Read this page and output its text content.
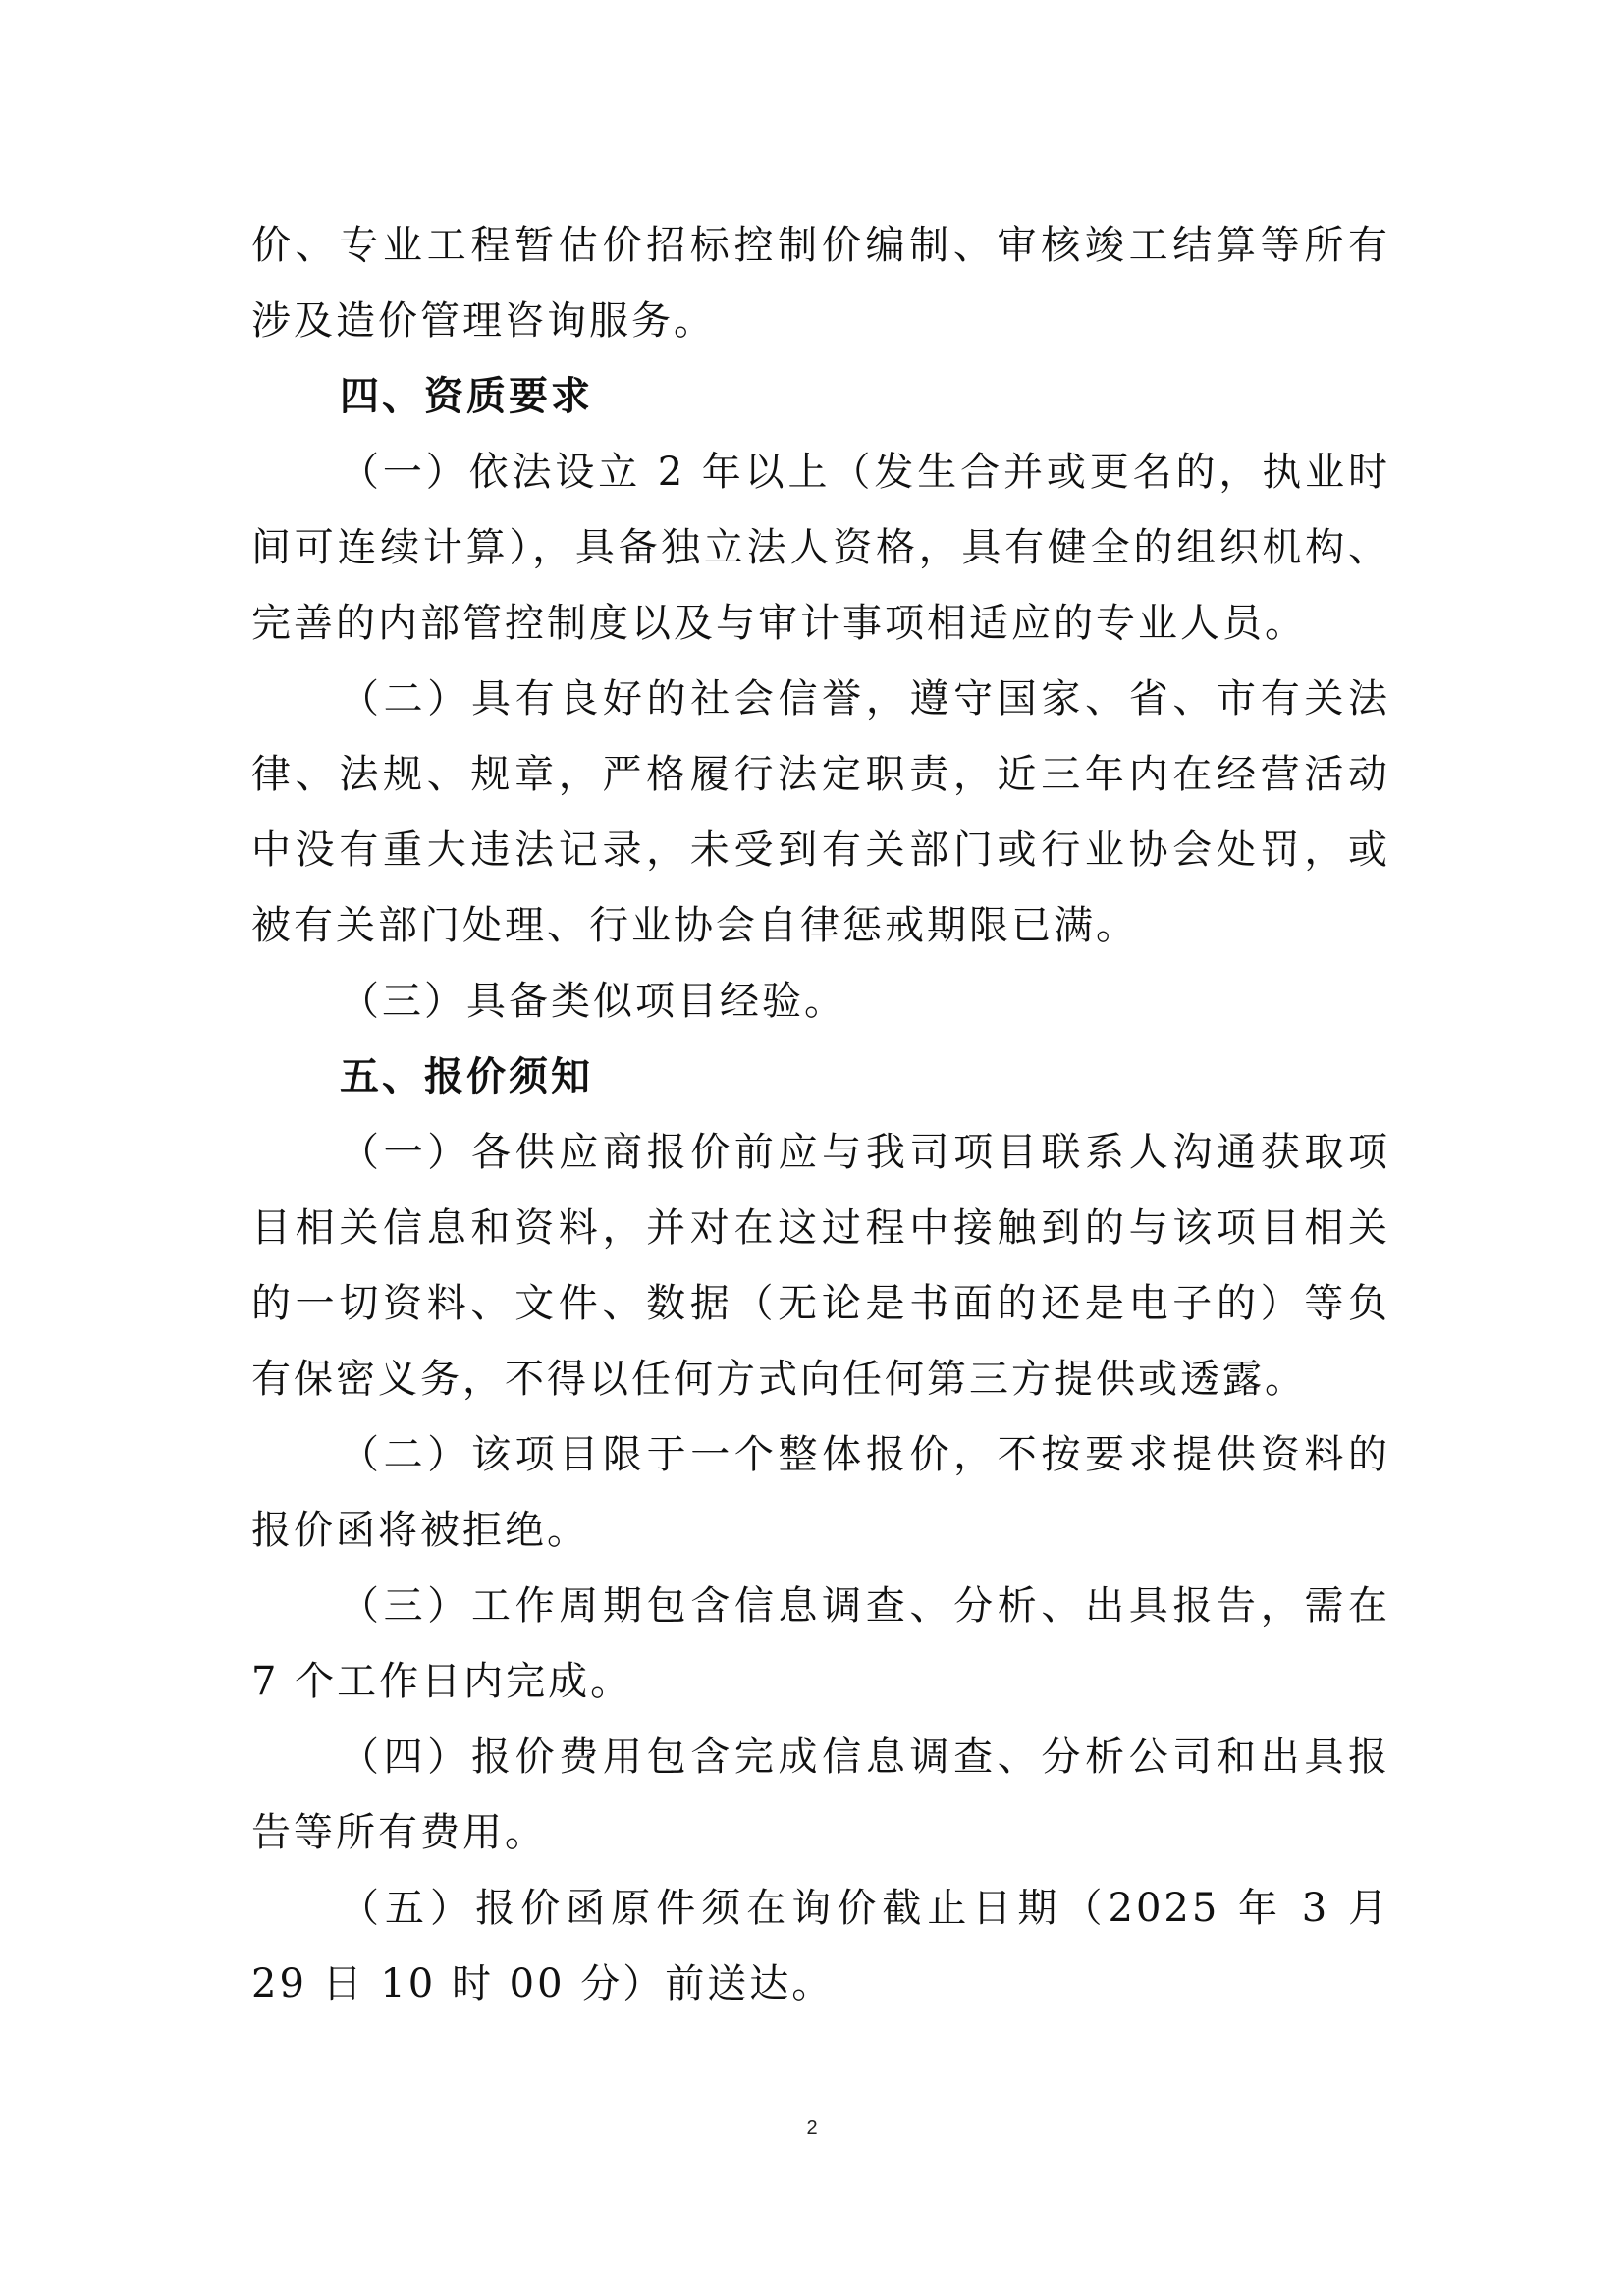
价、专业工程暂估价招标控制价编制、审核竣工结算等所有涉及造价管理咨询服务。

四、资质要求

（一）依法设立 2 年以上（发生合并或更名的，执业时间可连续计算），具备独立法人资格，具有健全的组织机构、完善的内部管控制度以及与审计事项相适应的专业人员。

（二）具有良好的社会信誉，遵守国家、省、市有关法律、法规、规章，严格履行法定职责，近三年内在经营活动中没有重大违法记录，未受到有关部门或行业协会处罚，或被有关部门处理、行业协会自律惩戒期限已满。

（三）具备类似项目经验。

五、报价须知

（一）各供应商报价前应与我司项目联系人沟通获取项目相关信息和资料，并对在这过程中接触到的与该项目相关的一切资料、文件、数据（无论是书面的还是电子的）等负有保密义务，不得以任何方式向任何第三方提供或透露。

（二）该项目限于一个整体报价，不按要求提供资料的报价函将被拒绝。

（三）工作周期包含信息调查、分析、出具报告，需在 7 个工作日内完成。

（四）报价费用包含完成信息调查、分析公司和出具报告等所有费用。

（五）报价函原件须在询价截止日期（2025 年 3 月 29 日 10 时 00 分）前送达。

2
